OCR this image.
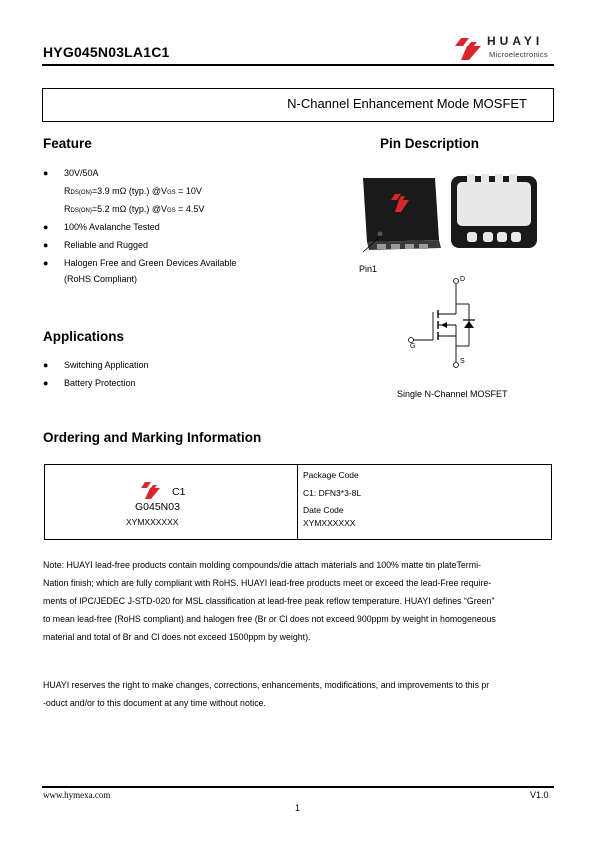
HYG045N03LA1C1
HUAYI
Microelectronics
N-Channel Enhancement Mode MOSFET
Feature
● 30V/50A
RDS(ON)=3.9 mΩ (typ.) @VGS = 10V
RDS(ON)=5.2 mΩ (typ.) @VGS = 4.5V
● 100% Avalanche Tested
● Reliable and Rugged
● Halogen Free and Green Devices Available
(RoHS Compliant)
Pin Description
Pin1
D
G
S
Single N-Channel MOSFET
Applications
● Switching Application
● Battery Protection
Ordering and Marking Information
C1
G045N03
XYMXXXXXX
Package Code
C1: DFN3*3-8L
Date Code
XYMXXXXXX
Note: HUAYI lead-free products contain molding compounds/die attach materials and 100% matte tin plateTermi-
Nation finish; which are fully compliant with RoHS. HUAYI lead-free products meet or exceed the lead-Free require-
ments of IPC/JEDEC J-STD-020 for MSL classification at lead-free peak reflow temperature. HUAYI defines “Green”
to mean lead-free (RoHS compliant) and halogen free (Br or Cl does not exceed 900ppm by weight in homogeneous
material and total of Br and Cl does not exceed 1500ppm by weight).
HUAYI reserves the right to make changes, corrections, enhancements, modifications, and improvements to this pr
-oduct and/or to this document at any time without notice.
www.hymexa.com	V1.0
1
